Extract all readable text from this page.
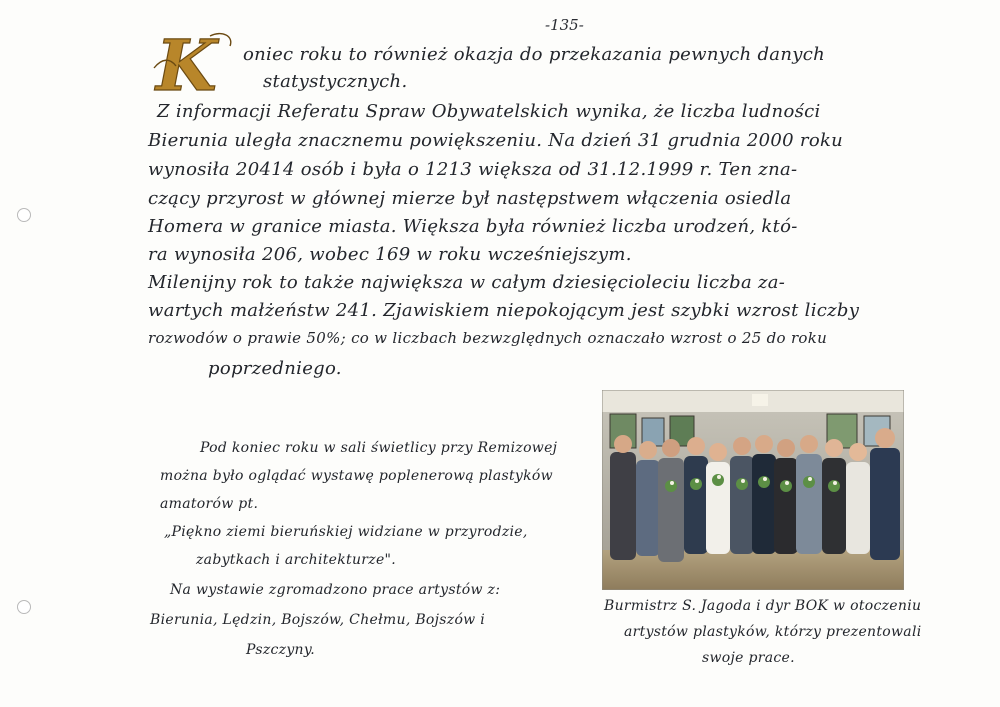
-135-
K oniec roku to również okazja do przekazania pewnych danych
statystycznych.
Z informacji Referatu Spraw Obywatelskich wynika, że liczba ludności
Bierunia uległa znacznemu powiększeniu. Na dzień 31 grudnia 2000 roku
wynosiła 20414 osób i była o 1213 większa od 31.12.1999 r. Ten zna-
czący przyrost w głównej mierze był następstwem włączenia osiedla
Homera w granice miasta. Większa była również liczba urodzeń, któ-
ra wynosiła 206, wobec 169 w roku wcześniejszym.
Milenijny rok to także największa w całym dziesięcioleciu liczba za-
wartych małżeństw 241. Zjawiskiem niepokojącym jest szybki wzrost liczby
rozwodów o prawie 50%; co w liczbach bezwzględnych oznaczało wzrost o 25 do roku
poprzedniego.
Pod koniec roku w sali świetlicy przy Remizowej
można było oglądać wystawę poplenerową plastyków
amatorów pt.
„Piękno ziemi bieruńskiej widziane w przyrodzie,
zabytkach i architekturze".
Na wystawie zgromadzono prace artystów z:
Bierunia, Lędzin, Bojszów, Chełmu, Bojszów i
Pszczyny.
Burmistrz S. Jagoda i dyr BOK w otoczeniu
artystów plastyków, którzy prezentowali
swoje prace.
